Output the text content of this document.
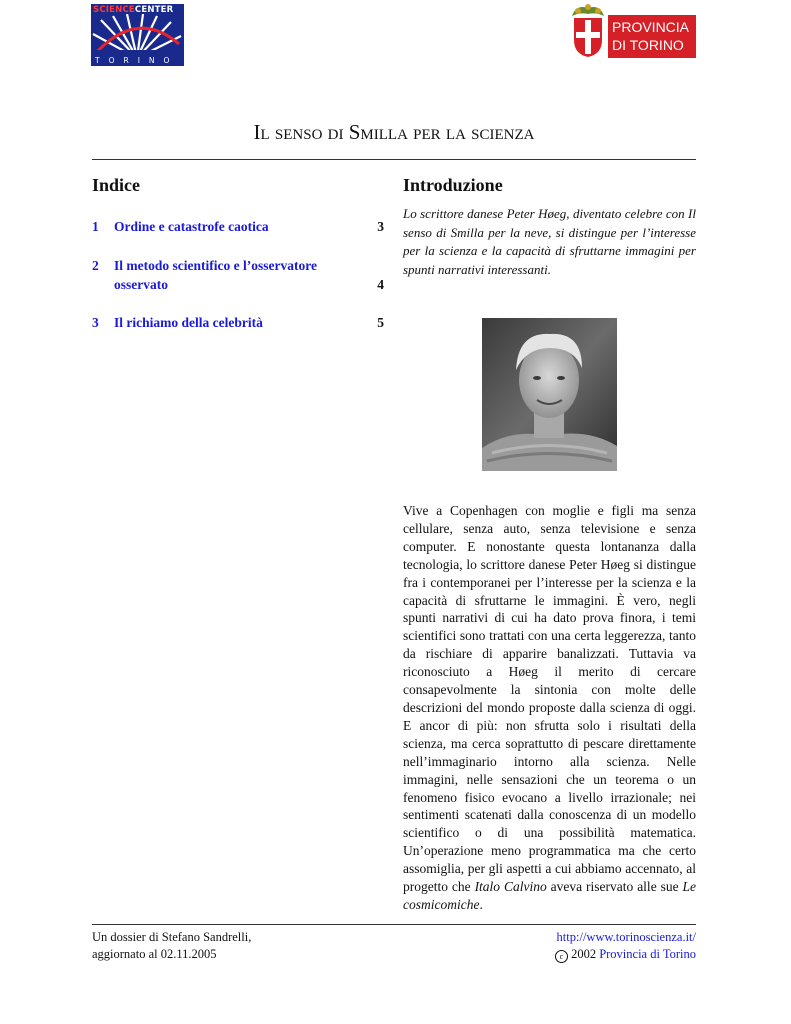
SCIENCECENTER
TORINO
PROVINCIA
DI TORINO
Il senso di Smilla per la scienza
Indice
1 Ordine e catastrofe caotica	3
2 Il metodo scientifico e l’osservatore osservato	4
3 Il richiamo della celebrità	5
Introduzione
Lo scrittore danese Peter Høeg, diventato celebre con Il senso di Smilla per la neve, si distingue per l’interesse per la scienza e la capacità di sfruttarne immagini per spunti narrativi interessanti.
Vive a Copenhagen con moglie e figli ma senza cellulare, senza auto, senza televisione e senza computer. E nonostante questa lontananza dalla tecnologia, lo scrittore danese Peter Høeg si distingue fra i contemporanei per l’interesse per la scienza e la capacità di sfruttarne le immagini. È vero, negli spunti narrativi di cui ha dato prova finora, i temi scientifici sono trattati con una certa leggerezza, tanto da rischiare di apparire banalizzati. Tuttavia va riconosciuto a Høeg il merito di cercare consapevolmente la sintonia con molte delle descrizioni del mondo proposte dalla scienza di oggi. E ancor di più: non sfrutta solo i risultati della scienza, ma cerca soprattutto di pescare direttamente nell’immaginario intorno alla scienza. Nelle immagini, nelle sensazioni che un teorema o un fenomeno fisico evocano a livello irrazionale; nei sentimenti scatenati dalla conoscenza di un modello scientifico o di una possibilità matematica. Un’operazione meno programmatica ma che certo assomiglia, per gli aspetti a cui abbiamo accennato, al progetto che Italo Calvino aveva riservato alle sue Le cosmicomiche.
Un dossier di Stefano Sandrelli,
aggiornato al 02.11.2005
http://www.torinoscienza.it/
c 2002 Provincia di Torino
